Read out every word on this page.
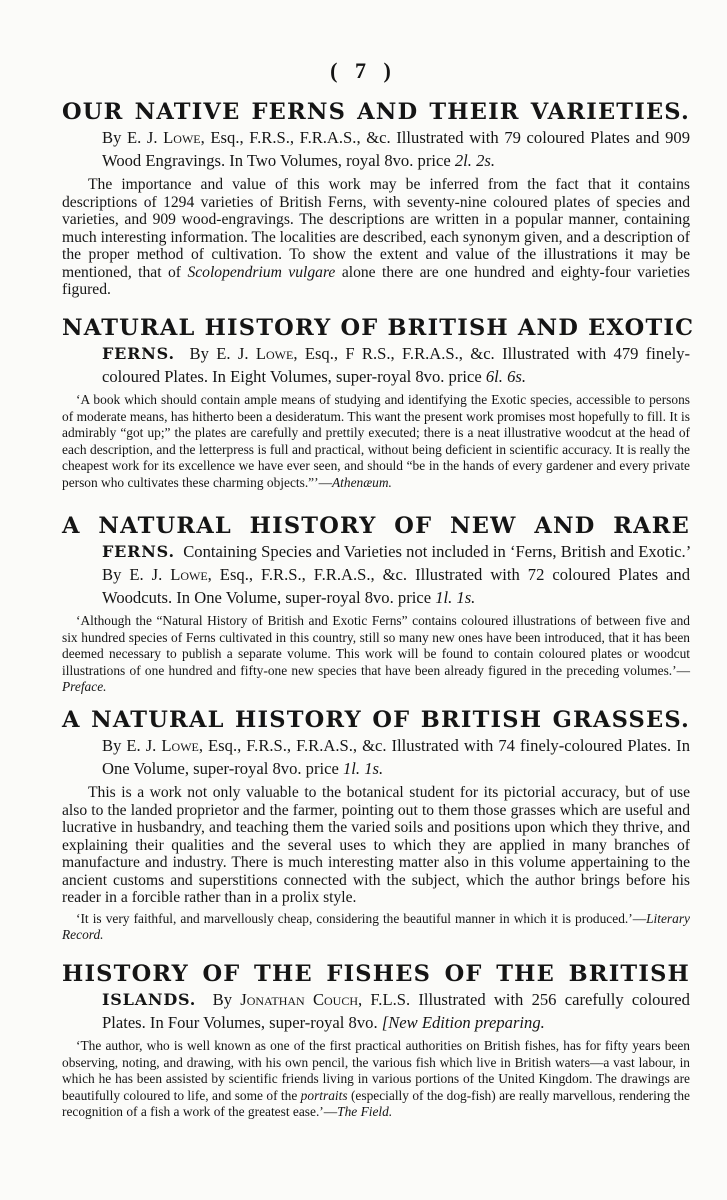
( 7 )
OUR NATIVE FERNS AND THEIR VARIETIES.
By E. J. Lowe, Esq., F.R.S., F.R.A.S., &c. Illustrated with 79 coloured Plates and 909 Wood Engravings. In Two Volumes, royal 8vo. price 2l. 2s.
The importance and value of this work may be inferred from the fact that it contains descriptions of 1294 varieties of British Ferns, with seventy-nine coloured plates of species and varieties, and 909 wood-engravings. The descriptions are written in a popular manner, containing much interesting information. The localities are described, each synonym given, and a description of the proper method of cultivation. To show the extent and value of the illustrations it may be mentioned, that of Scolopendrium vulgare alone there are one hundred and eighty-four varieties figured.
NATURAL HISTORY OF BRITISH AND EXOTIC
FERNS. By E. J. Lowe, Esq., F R.S., F.R.A.S., &c. Illustrated with 479 finely-coloured Plates. In Eight Volumes, super-royal 8vo. price 6l. 6s.
‘A book which should contain ample means of studying and identifying the Exotic species, accessible to persons of moderate means, has hitherto been a desideratum. This want the present work promises most hopefully to fill. It is admirably “got up;” the plates are carefully and prettily executed; there is a neat illustrative woodcut at the head of each description, and the letterpress is full and practical, without being deficient in scientific accuracy. It is really the cheapest work for its excellence we have ever seen, and should “be in the hands of every gardener and every private person who cultivates these charming objects.”’—Athenæum.
A NATURAL HISTORY OF NEW AND RARE
FERNS. Containing Species and Varieties not included in ‘Ferns, British and Exotic.’ By E. J. Lowe, Esq., F.R.S., F.R.A.S., &c. Illustrated with 72 coloured Plates and Woodcuts. In One Volume, super-royal 8vo. price 1l. 1s.
‘Although the “Natural History of British and Exotic Ferns” contains coloured illustrations of between five and six hundred species of Ferns cultivated in this country, still so many new ones have been introduced, that it has been deemed necessary to publish a separate volume. This work will be found to contain coloured plates or woodcut illustrations of one hundred and fifty-one new species that have been already figured in the preceding volumes.’—Preface.
A NATURAL HISTORY OF BRITISH GRASSES.
By E. J. Lowe, Esq., F.R.S., F.R.A.S., &c. Illustrated with 74 finely-coloured Plates. In One Volume, super-royal 8vo. price 1l. 1s.
This is a work not only valuable to the botanical student for its pictorial accuracy, but of use also to the landed proprietor and the farmer, pointing out to them those grasses which are useful and lucrative in husbandry, and teaching them the varied soils and positions upon which they thrive, and explaining their qualities and the several uses to which they are applied in many branches of manufacture and industry. There is much interesting matter also in this volume appertaining to the ancient customs and superstitions connected with the subject, which the author brings before his reader in a forcible rather than in a prolix style.
‘It is very faithful, and marvellously cheap, considering the beautiful manner in which it is produced.’—Literary Record.
HISTORY OF THE FISHES OF THE BRITISH
ISLANDS. By Jonathan Couch, F.L.S. Illustrated with 256 carefully coloured Plates. In Four Volumes, super-royal 8vo. [New Edition preparing.
‘The author, who is well known as one of the first practical authorities on British fishes, has for fifty years been observing, noting, and drawing, with his own pencil, the various fish which live in British waters—a vast labour, in which he has been assisted by scientific friends living in various portions of the United Kingdom. The drawings are beautifully coloured to life, and some of the portraits (especially of the dog-fish) are really marvellous, rendering the recognition of a fish a work of the greatest ease.’—The Field.
